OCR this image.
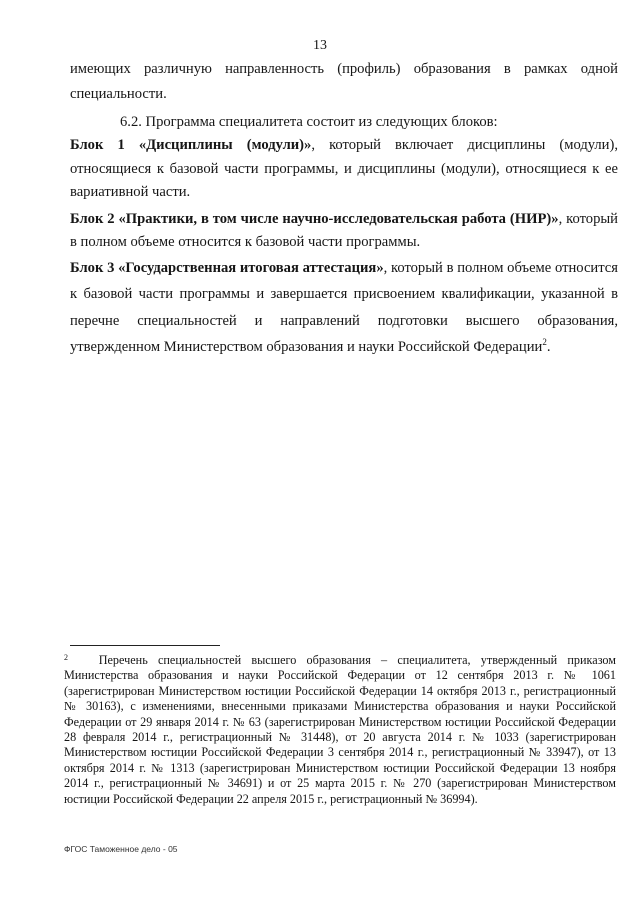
13

имеющих различную направленность (профиль) образования в рамках одной специальности.

6.2. Программа специалитета состоит из следующих блоков:

Блок 1 «Дисциплины (модули)», который включает дисциплины (модули), относящиеся к базовой части программы, и дисциплины (модули), относящиеся к ее вариативной части.

Блок 2 «Практики, в том числе научно-исследовательская работа (НИР)», который в полном объеме относится к базовой части программы.

Блок 3 «Государственная итоговая аттестация», который в полном объеме относится к базовой части программы и завершается присвоением квалификации, указанной в перечне специальностей и направлений подготовки высшего образования, утвержденном Министерством образования и науки Российской Федерации$^2$.

$^2$	Перечень специальностей высшего образования – специалитета, утвержденный приказом Министерства образования и науки Российской Федерации от 12 сентября 2013 г. № 1061 (зарегистрирован Министерством юстиции Российской Федерации 14 октября 2013 г., регистрационный № 30163), с изменениями, внесенными приказами Министерства образования и науки Российской Федерации от 29 января 2014 г. № 63 (зарегистрирован Министерством юстиции Российской Федерации 28 февраля 2014 г., регистрационный № 31448), от 20 августа 2014 г. № 1033 (зарегистрирован Министерством юстиции Российской Федерации 3 сентября 2014 г., регистрационный № 33947), от 13 октября 2014 г. № 1313 (зарегистрирован Министерством юстиции Российской Федерации 13 ноября 2014 г., регистрационный № 34691) и от 25 марта 2015 г. № 270 (зарегистрирован Министерством юстиции Российской Федерации 22 апреля 2015 г., регистрационный № 36994).

ФГОС Таможенное дело - 05
